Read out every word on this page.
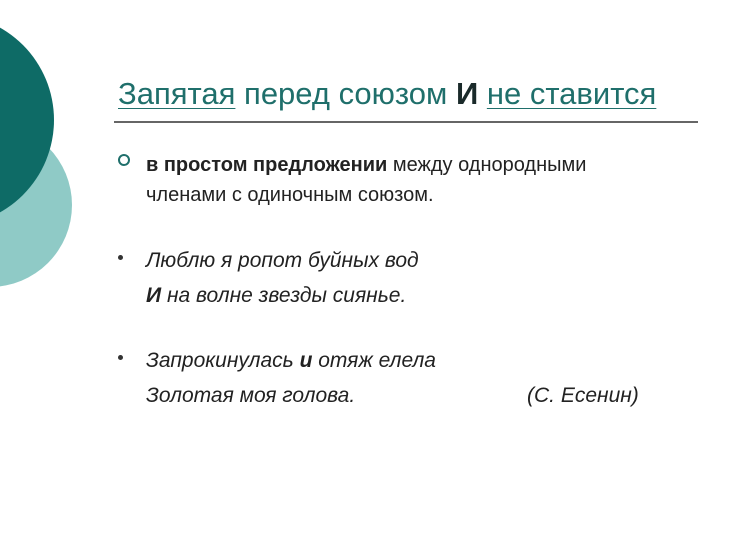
Запятая перед союзом И не ставится
в простом предложении между однородными членами с одиночным союзом.
Люблю я ропот буйных вод
И на волне звезды сиянье.
Запрокинулась и отяж елела
Золотая моя голова.	(С. Есенин)
